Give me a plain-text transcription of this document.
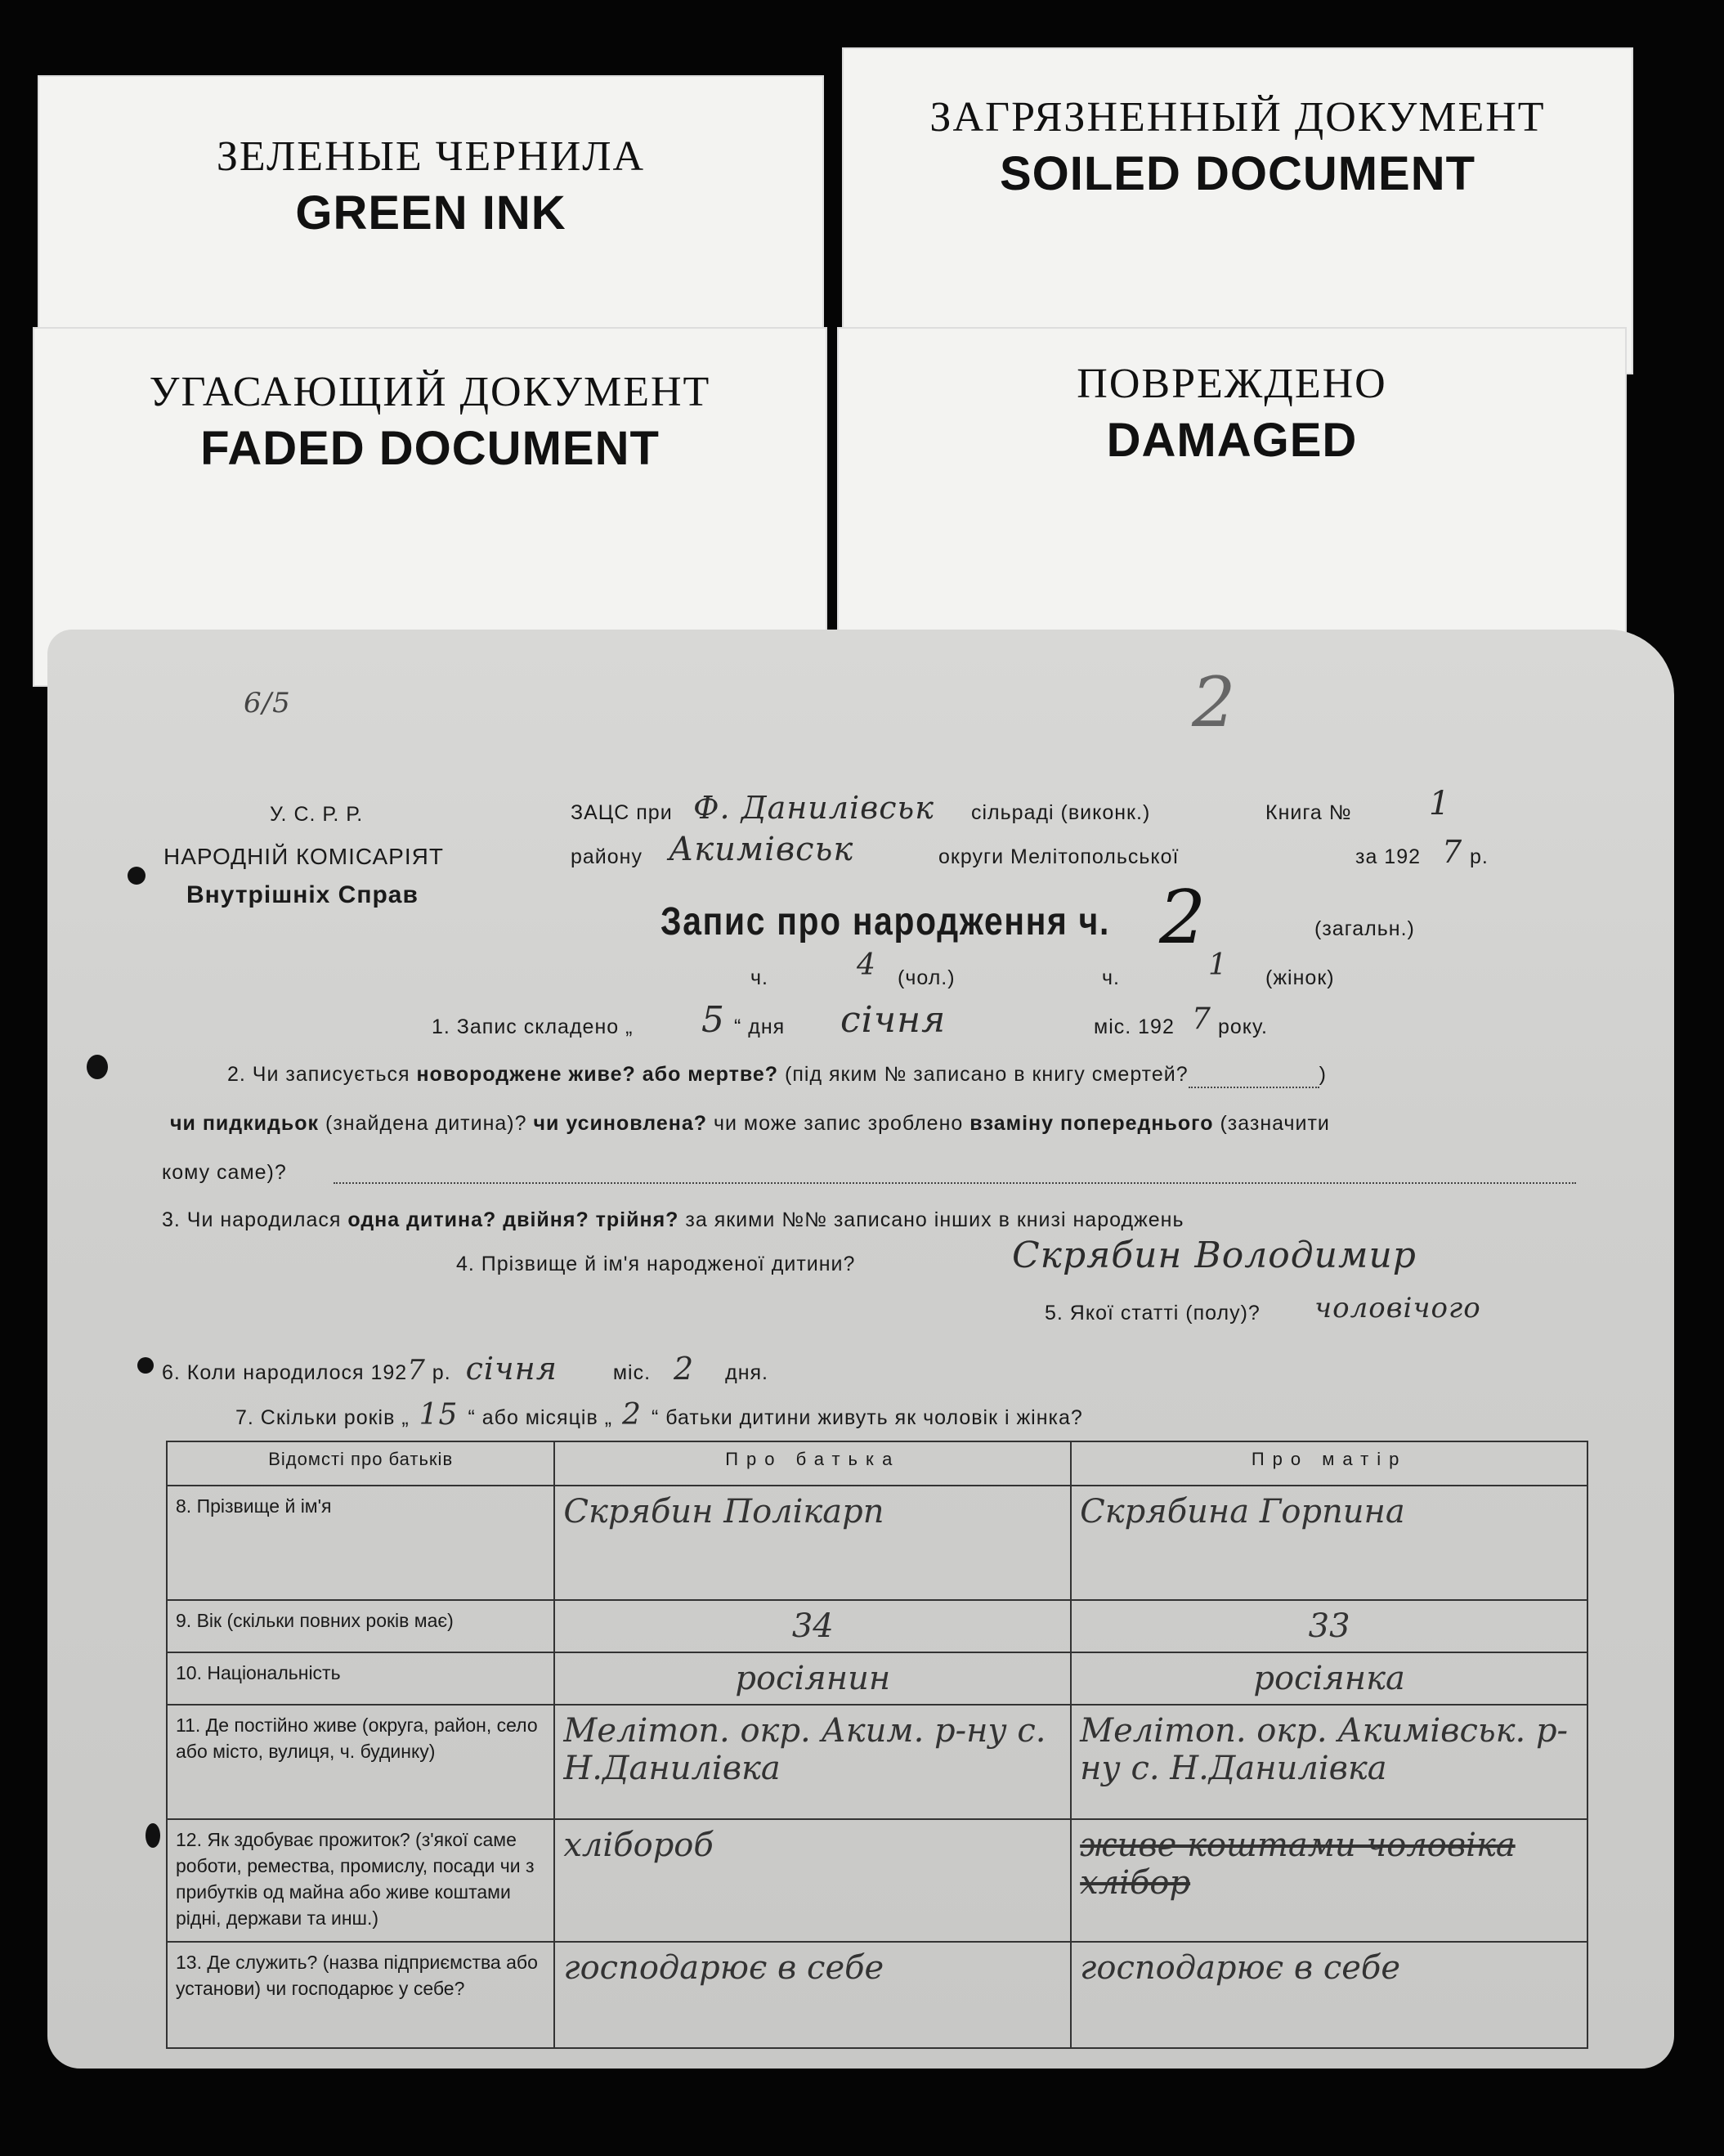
ЗЕЛЕНЫЕ ЧЕРНИЛА
GREEN INK
ЗАГРЯЗНЕННЫЙ ДОКУМЕНТ
SOILED DOCUMENT
УГАСАЮЩИЙ ДОКУМЕНТ
FADED DOCUMENT
ПОВРЕЖДЕНО
DAMAGED
6/5	2
У. С. Р. Р.
НАРОДНІЙ КОМІСАРІЯТ
Внутрішніх Справ
ЗАЦС при Ф. Данилівськ сільраді (виконк.)	Книга № 1
району Акимівськ	округи Мелітопольської	за 192 7 р.
Запис про народження ч. 2	(загальн.)
ч.	4 (чол.)	ч.	1 (жінок)
1. Запис складено „ 5 “ дня січня	міс. 192 7 року.
2. Чи записується новороджене живе? або мертве? (під яким № записано в книгу смертей?	)
чи пидкидьок (знайдена дитина)? чи усиновлена? чи може запис зроблено взаміну попереднього (зазначити
кому саме)?
3. Чи народилася одна дитина? двійня? трійня? за якими №№ записано інших в книзі народжень
4. Прізвище й ім'я народженої дитини?	Скрябин Володимир
5. Якої статті (полу)? чоловічого
6. Коли народилося 1927 р. січня	міс. 2 дня.
7. Скільки років „ 15 “ або місяців „ 2 “ батьки дитини живуть як чоловік і жінка?
Відомсті про батьків	Про батька	Про матір
8. Прізвище й ім'я	Скрябин Полікарп	Скрябина Горпина
9. Вік (скільки повних років має)	34	33
10. Національність	росіянин	росіянка
11. Де постійно живе (округа, район, село або місто, вулиця, ч. будинку)	Мелітоп. окр. Аким. р-ну с. Н.Данилівка	Мелітоп. окр. Акимівськ. р-ну с. Н.Данилівка
12. Як здобуває прожиток? (з'якої саме роботи, ремества, промислу, посади чи з прибутків од майна або живе коштами рідні, держави та инш.)	хлібороб	живе коштами чоловіка хлібор
13. Де служить? (назва підприємства або установи) чи господарює у себе?	господарює в себе	господарює в себе
